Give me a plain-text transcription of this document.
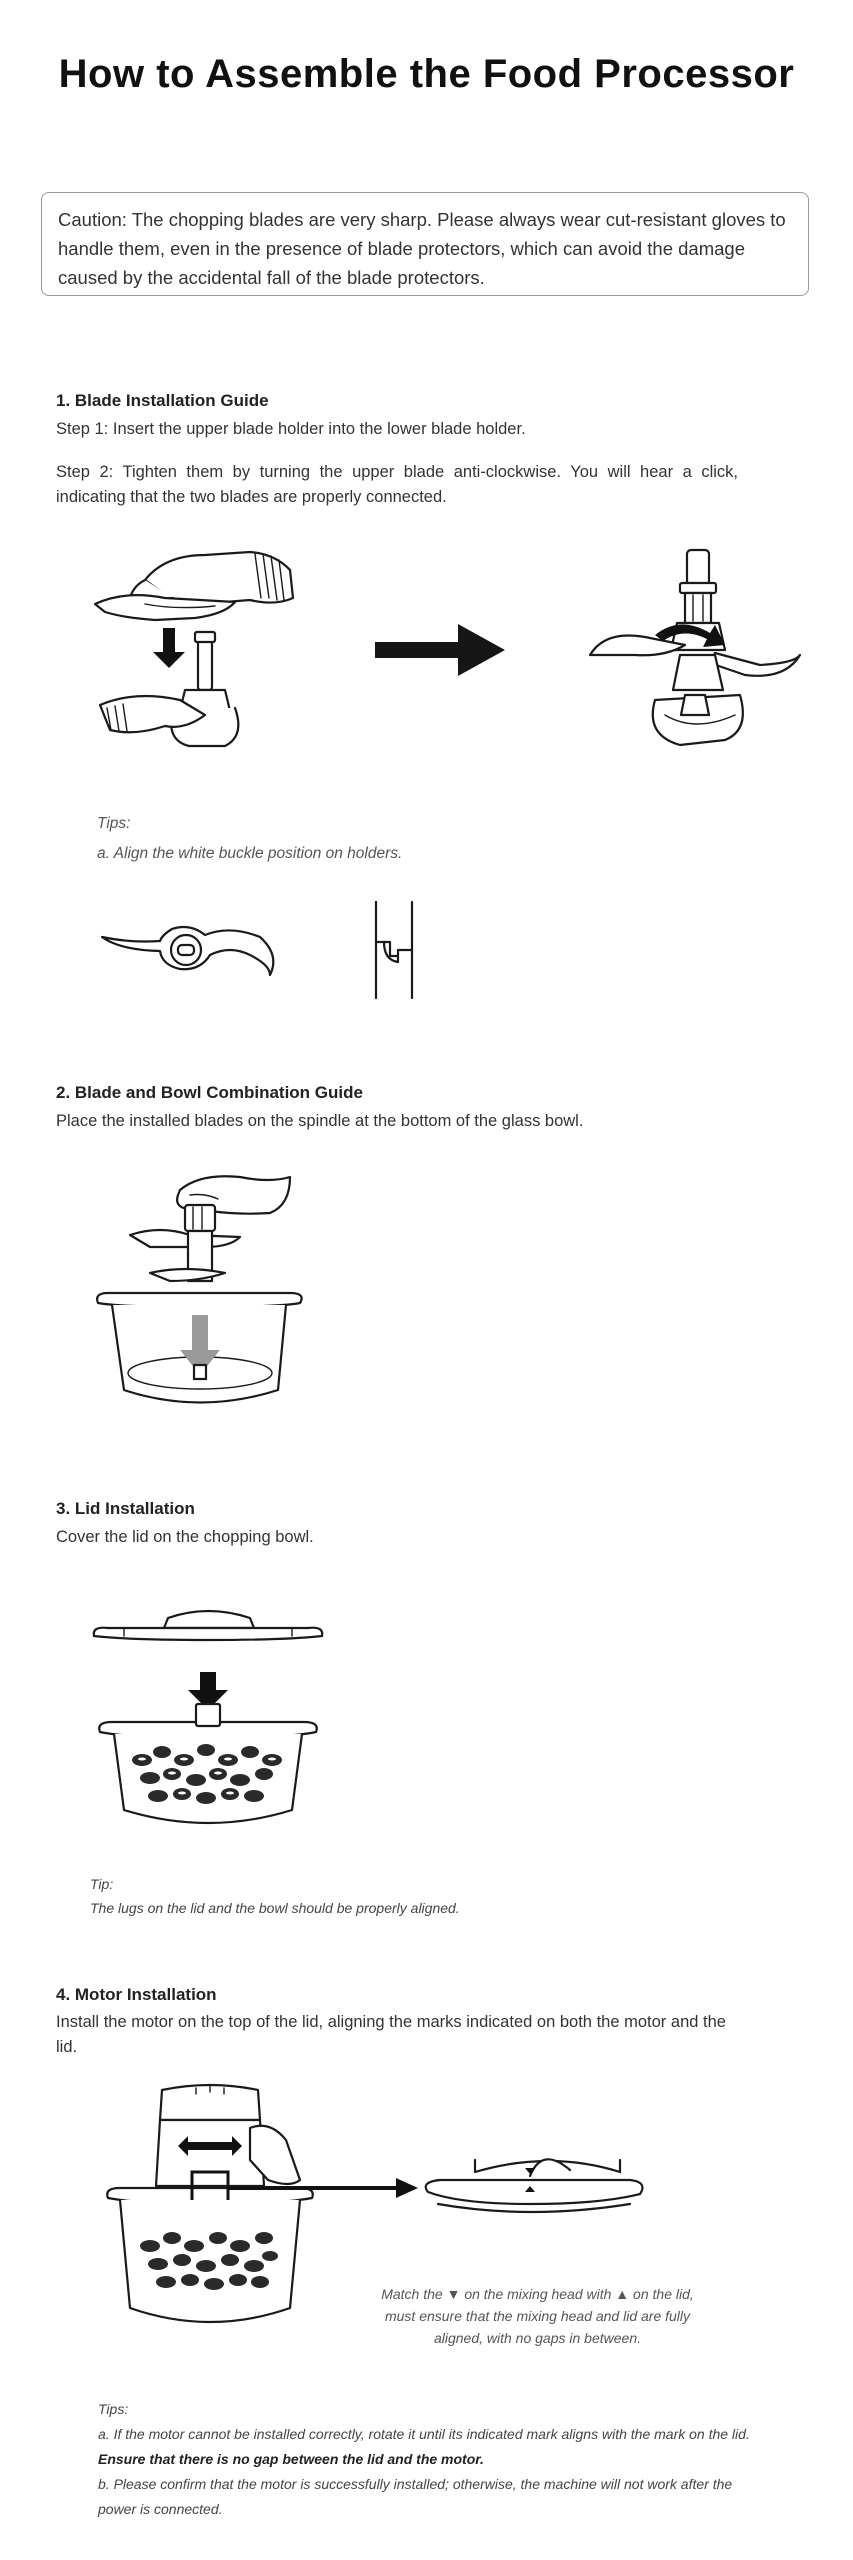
How to Assemble the Food Processor
Caution: The chopping blades are very sharp. Please always wear cut-resistant gloves to handle them, even in the presence of blade protectors, which can avoid the damage caused by the accidental fall of the blade protectors.
1. Blade Installation Guide
Step 1: Insert the upper blade holder into the lower blade holder.
Step 2: Tighten them by turning the upper blade anti-clockwise. You will hear a click, indicating that the two blades are properly connected.
Tips:
a. Align the white buckle position on holders.
2. Blade and Bowl Combination Guide
Place the installed blades on the spindle at the bottom of the glass bowl.
3. Lid Installation
Cover the lid on the chopping bowl.
Tip:
The lugs on the lid and the bowl should be properly aligned.
4. Motor Installation
Install the motor on the top of the lid, aligning the marks indicated on both the motor and the lid.
Match the ▼ on the mixing head with ▲ on the lid, must ensure that the mixing head and lid are fully aligned, with no gaps in between.
Tips:
a. If the motor cannot be installed correctly, rotate it until its indicated mark aligns with the mark on the lid. Ensure that there is no gap between the lid and the motor.
b. Please confirm that the motor is successfully installed; otherwise, the machine will not work after the power is connected.
